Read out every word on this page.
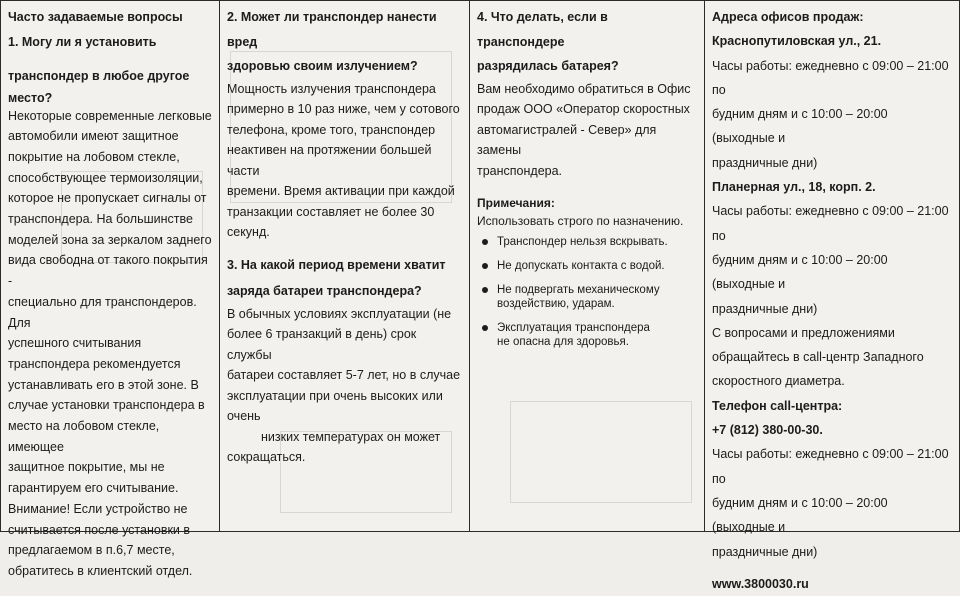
Часто задаваемые вопросы

1. Могу ли я установить

транспондер в любое другое

место?

Некоторые современные легковые

автомобили имеют защитное

покрытие на лобовом стекле,

способствующее термоизоляции,

которое не пропускает сигналы от

транспондера. На большинстве

моделей зона за зеркалом заднего

вида свободна от такого покрытия -

специально для транспондеров. Для

успешного считывания

транспондера рекомендуется

устанавливать его в этой зоне. В

случае установки транспондера в

место на лобовом стекле, имеющее

защитное покрытие, мы не

гарантируем его считывание.

Внимание! Если устройство не

считывается после установки в

предлагаемом в п.6,7 месте,

обратитесь в клиентский отдел.

2. Может ли транспондер нанести вред

здоровью своим излучением?

Мощность излучения транспондера

примерно в 10 раз ниже, чем у сотового

телефона, кроме того, транспондер

неактивен на протяжении большей части

времени. Время активации при каждой

транзакции составляет не более 30 секунд.

3. На какой период времени хватит

заряда батареи транспондера?

В обычных условиях эксплуатации (не

более 6 транзакций в день) срок службы

батареи составляет 5-7 лет, но в случае

эксплуатации при очень высоких или очень

низких температурах он может

сокращаться.

4. Что делать, если в транспондере

разрядилась батарея?

Вам необходимо обратиться в Офис

продаж ООО «Оператор скоростных

автомагистралей - Север» для замены

транспондера.

Примечания:
Использовать строго по назначению.
Транспондер нельзя вскрывать.
Не допускать контакта с водой.
Не подвергать механическому
воздействию, ударам.
Эксплуатация транспондера
не опасна для здоровья.

Адреса офисов продаж:

Краснопутиловская ул., 21.

Часы работы: ежедневно с 09:00 – 21:00 по

будним дням и с 10:00 – 20:00 (выходные и

праздничные дни)

Планерная ул., 18, корп. 2.

Часы работы: ежедневно с 09:00 – 21:00 по

будним дням и с 10:00 – 20:00 (выходные и

праздничные дни)

С вопросами и предложениями

обращайтесь в call-центр Западного

скоростного диаметра.

Телефон call-центра:

+7 (812) 380-00-30.

Часы работы: ежедневно с 09:00 – 21:00 по

будним дням и с 10:00 – 20:00 (выходные и

праздничные дни)

www.3800030.ru
